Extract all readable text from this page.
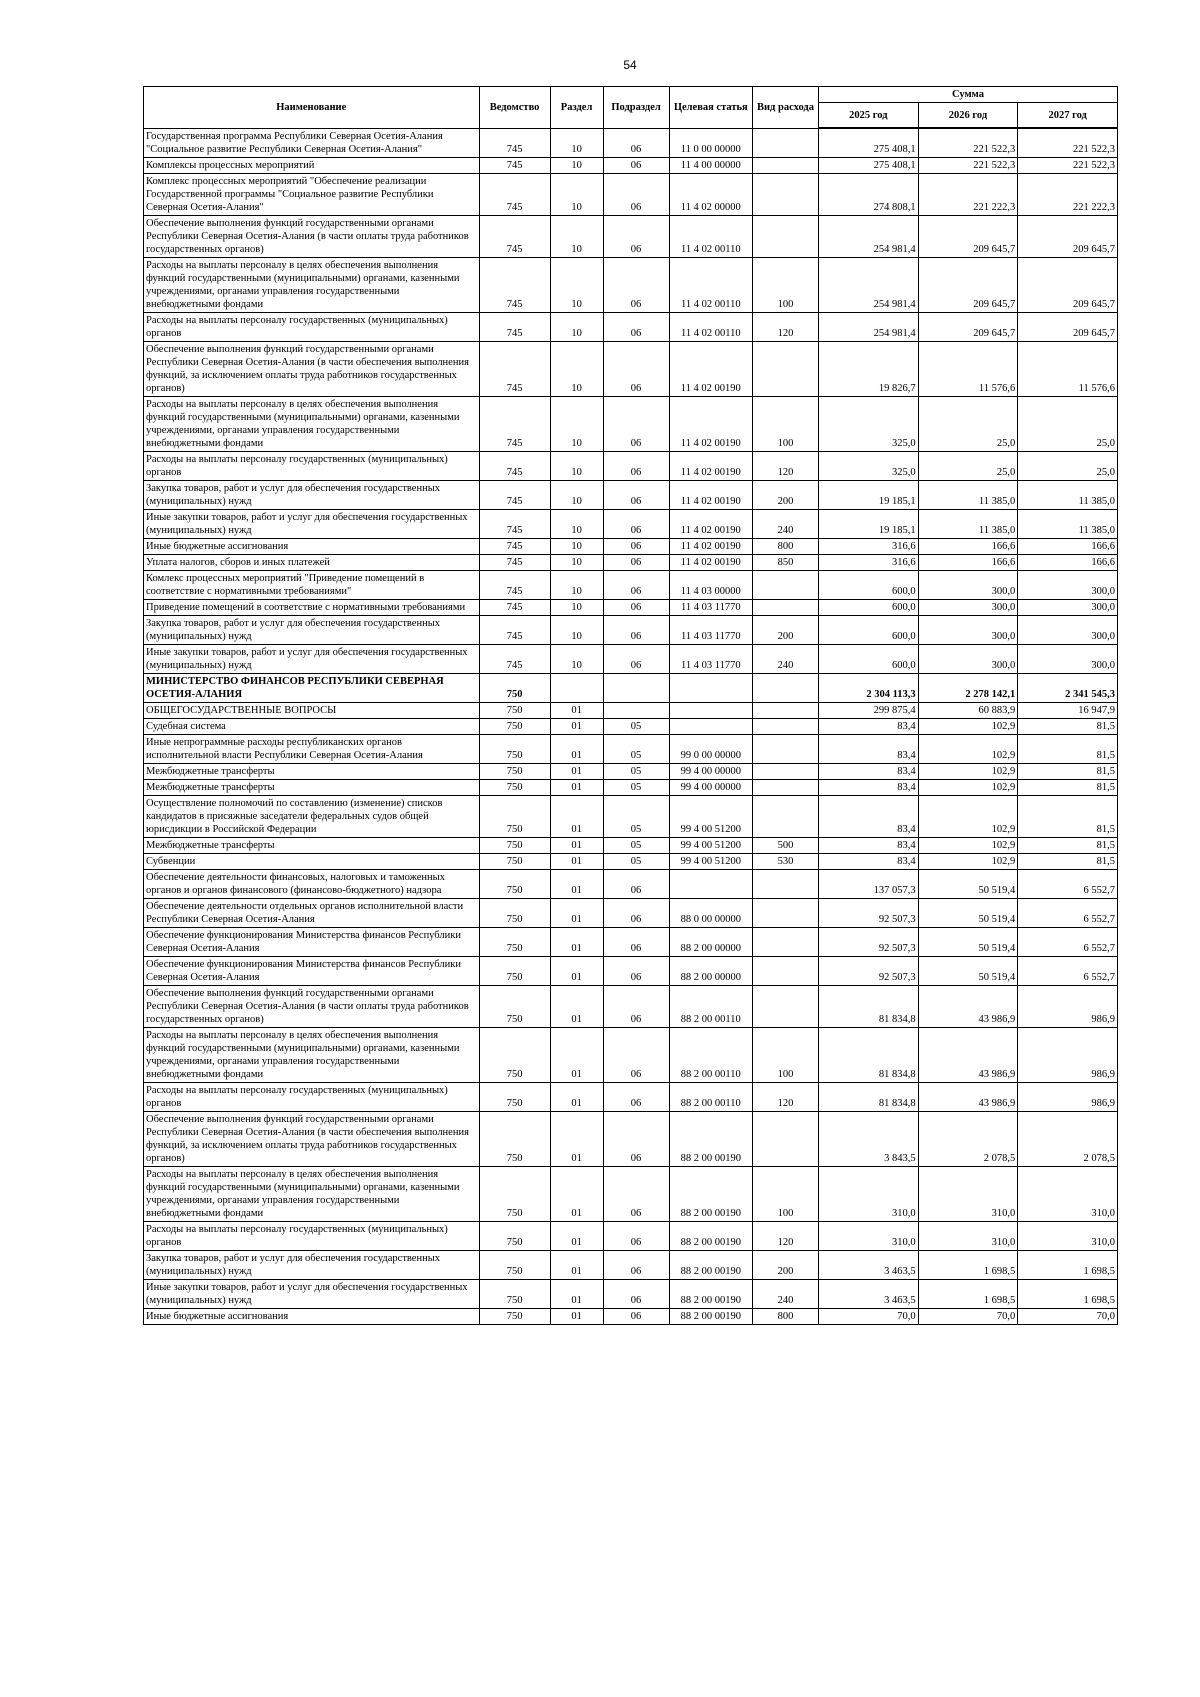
54
Наименование	Ведомство	Раздел	Подраздел	Целевая статья	Вид расхода	Сумма		
						2025 год	2026 год	2027 год
Государственная программа Республики Северная Осетия-Алания "Социальное развитие Республики Северная Осетия-Алания"	745	10	06	11 0 00 00000		275 408,1	221 522,3	221 522,3
Комплексы процессных мероприятий	745	10	06	11 4 00 00000		275 408,1	221 522,3	221 522,3
Комплекс процессных мероприятий "Обеспечение реализации Государственной программы "Социальное развитие Республики Северная Осетия-Алания"	745	10	06	11 4 02 00000		274 808,1	221 222,3	221 222,3
Обеспечение выполнения функций государственными органами Республики Северная Осетия-Алания (в части оплаты труда работников государственных органов)	745	10	06	11 4 02 00110		254 981,4	209 645,7	209 645,7
Расходы на выплаты персоналу в целях обеспечения выполнения функций государственными (муниципальными) органами, казенными учреждениями, органами управления государственными внебюджетными фондами	745	10	06	11 4 02 00110	100	254 981,4	209 645,7	209 645,7
Расходы на выплаты персоналу государственных (муниципальных) органов	745	10	06	11 4 02 00110	120	254 981,4	209 645,7	209 645,7
Обеспечение выполнения функций государственными органами Республики Северная Осетия-Алания (в части обеспечения выполнения функций, за исключением оплаты труда работников государственных органов)	745	10	06	11 4 02 00190		19 826,7	11 576,6	11 576,6
Расходы на выплаты персоналу в целях обеспечения выполнения функций государственными (муниципальными) органами, казенными учреждениями, органами управления государственными внебюджетными фондами	745	10	06	11 4 02 00190	100	325,0	25,0	25,0
Расходы на выплаты персоналу государственных (муниципальных) органов	745	10	06	11 4 02 00190	120	325,0	25,0	25,0
Закупка товаров, работ и услуг для обеспечения государственных (муниципальных) нужд	745	10	06	11 4 02 00190	200	19 185,1	11 385,0	11 385,0
Иные закупки товаров, работ и услуг для обеспечения государственных (муниципальных) нужд	745	10	06	11 4 02 00190	240	19 185,1	11 385,0	11 385,0
Иные бюджетные ассигнования	745	10	06	11 4 02 00190	800	316,6	166,6	166,6
Уплата налогов, сборов и иных платежей	745	10	06	11 4 02 00190	850	316,6	166,6	166,6
Комлекс процессных мероприятий "Приведение помещений в соответствие с нормативными требованиями"	745	10	06	11 4 03 00000		600,0	300,0	300,0
Приведение помещений в соответствие с нормативными требованиями	745	10	06	11 4 03 11770		600,0	300,0	300,0
Закупка товаров, работ и услуг для обеспечения государственных (муниципальных) нужд	745	10	06	11 4 03 11770	200	600,0	300,0	300,0
Иные закупки товаров, работ и услуг для обеспечения государственных (муниципальных) нужд	745	10	06	11 4 03 11770	240	600,0	300,0	300,0
МИНИСТЕРСТВО ФИНАНСОВ РЕСПУБЛИКИ СЕВЕРНАЯ ОСЕТИЯ-АЛАНИЯ	750					2 304 113,3	2 278 142,1	2 341 545,3
ОБЩЕГОСУДАРСТВЕННЫЕ ВОПРОСЫ	750	01				299 875,4	60 883,9	16 947,9
Судебная система	750	01	05			83,4	102,9	81,5
Иные непрограммные расходы республиканских органов исполнительной власти Республики Северная Осетия-Алания	750	01	05	99 0 00 00000		83,4	102,9	81,5
Межбюджетные трансферты	750	01	05	99 4 00 00000		83,4	102,9	81,5
Межбюджетные трансферты	750	01	05	99 4 00 00000		83,4	102,9	81,5
Осуществление полномочий по составлению (изменение) списков кандидатов в присяжные заседатели федеральных судов общей юрисдикции в Российской Федерации	750	01	05	99 4 00 51200		83,4	102,9	81,5
Межбюджетные трансферты	750	01	05	99 4 00 51200	500	83,4	102,9	81,5
Субвенции	750	01	05	99 4 00 51200	530	83,4	102,9	81,5
Обеспечение деятельности финансовых, налоговых и таможенных органов и органов финансового (финансово-бюджетного) надзора	750	01	06			137 057,3	50 519,4	6 552,7
Обеспечение деятельности отдельных органов исполнительной власти Республики Северная Осетия-Алания	750	01	06	88 0 00 00000		92 507,3	50 519,4	6 552,7
Обеспечение функционирования Министерства финансов Республики Северная Осетия-Алания	750	01	06	88 2 00 00000		92 507,3	50 519,4	6 552,7
Обеспечение функционирования Министерства финансов Республики Северная Осетия-Алания	750	01	06	88 2 00 00000		92 507,3	50 519,4	6 552,7
Обеспечение выполнения функций государственными органами Республики Северная Осетия-Алания (в части оплаты труда работников государственных органов)	750	01	06	88 2 00 00110		81 834,8	43 986,9	986,9
Расходы на выплаты персоналу в целях обеспечения выполнения функций государственными (муниципальными) органами, казенными учреждениями, органами управления государственными внебюджетными фондами	750	01	06	88 2 00 00110	100	81 834,8	43 986,9	986,9
Расходы на выплаты персоналу государственных (муниципальных) органов	750	01	06	88 2 00 00110	120	81 834,8	43 986,9	986,9
Обеспечение выполнения функций государственными органами Республики Северная Осетия-Алания (в части обеспечения выполнения функций, за исключением оплаты труда работников государственных органов)	750	01	06	88 2 00 00190		3 843,5	2 078,5	2 078,5
Расходы на выплаты персоналу в целях обеспечения выполнения функций государственными (муниципальными) органами, казенными учреждениями, органами управления государственными внебюджетными фондами	750	01	06	88 2 00 00190	100	310,0	310,0	310,0
Расходы на выплаты персоналу государственных (муниципальных) органов	750	01	06	88 2 00 00190	120	310,0	310,0	310,0
Закупка товаров, работ и услуг для обеспечения государственных (муниципальных) нужд	750	01	06	88 2 00 00190	200	3 463,5	1 698,5	1 698,5
Иные закупки товаров, работ и услуг для обеспечения государственных (муниципальных) нужд	750	01	06	88 2 00 00190	240	3 463,5	1 698,5	1 698,5
Иные бюджетные ассигнования	750	01	06	88 2 00 00190	800	70,0	70,0	70,0
